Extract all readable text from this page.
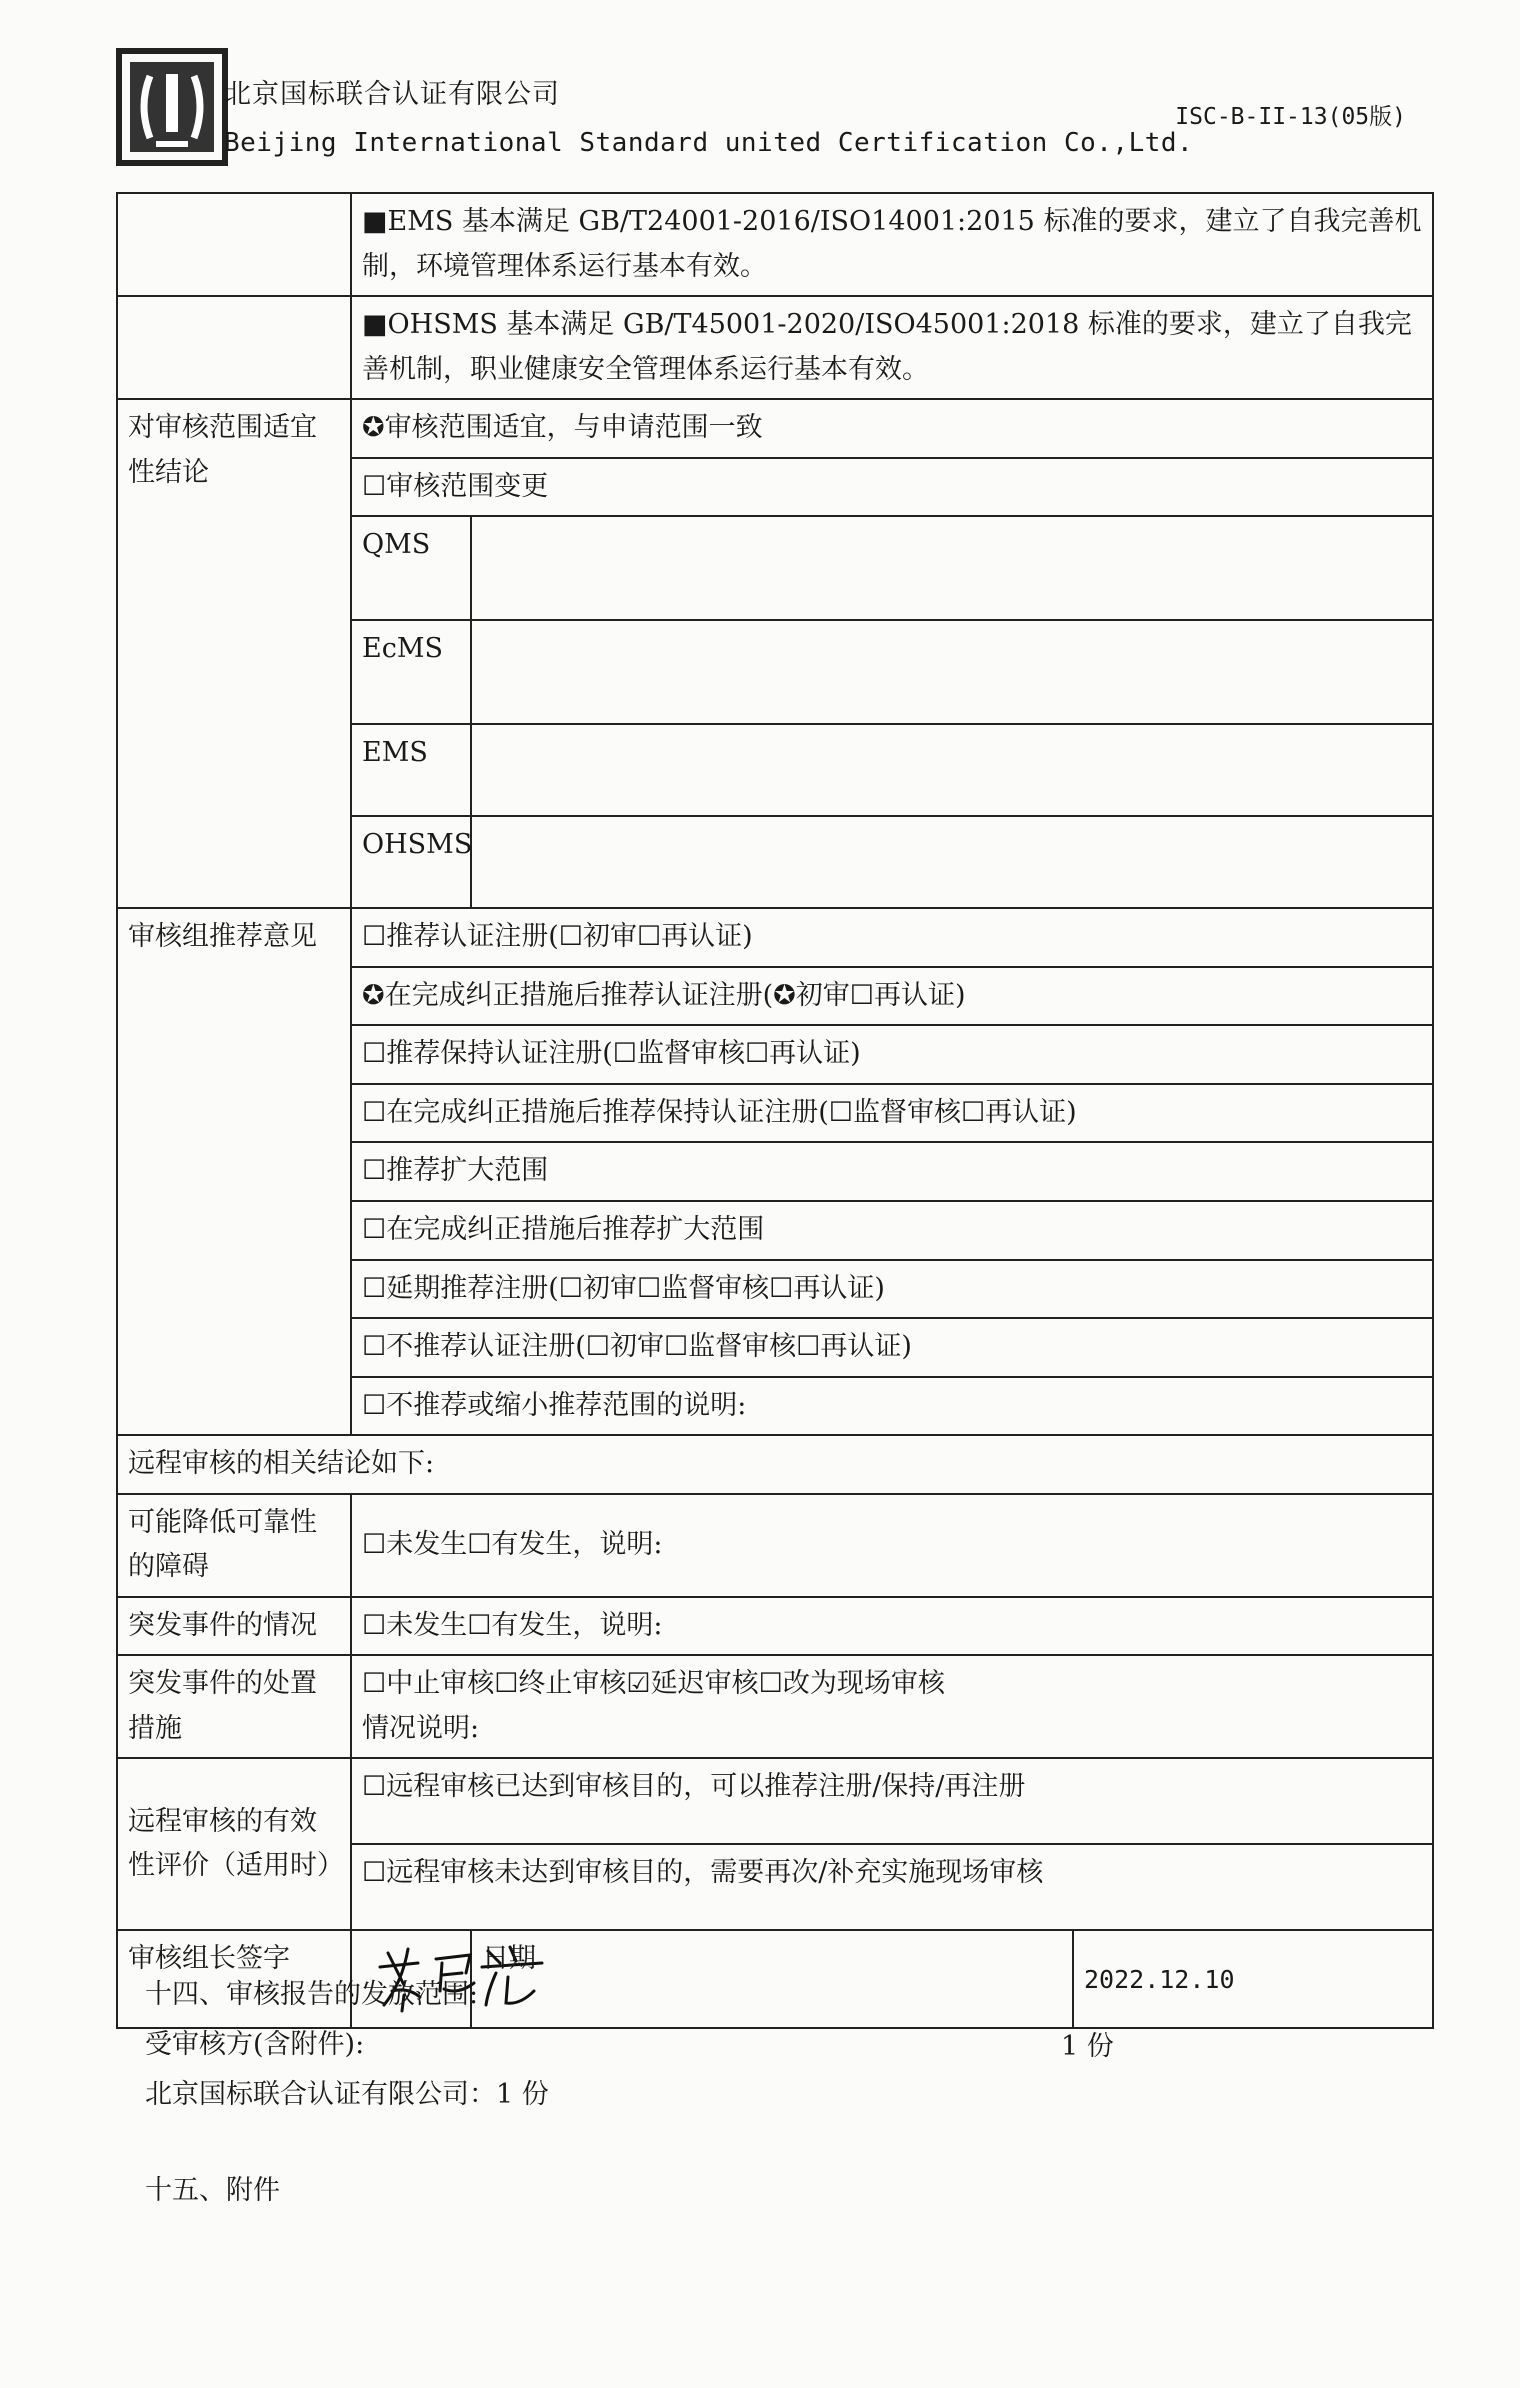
北京国标联合认证有限公司
Beijing International Standard united Certification Co.,Ltd.
ISC-B-II-13(05版)
	■EMS 基本满足 GB/T24001-2016/ISO14001:2015 标准的要求，建立了自我完善机制，环境管理体系运行基本有效。		
	■OHSMS 基本满足 GB/T45001-2020/ISO45001:2018 标准的要求，建立了自我完善机制，职业健康安全管理体系运行基本有效。		
对审核范围适宜性结论	✪审核范围适宜，与申请范围一致		
	☐审核范围变更		
	QMS		
	EcMS		
	EMS		
	OHSMS		
审核组推荐意见	☐推荐认证注册(☐初审☐再认证)		
	✪在完成纠正措施后推荐认证注册(✪初审☐再认证)		
	☐推荐保持认证注册(☐监督审核☐再认证)		
	☐在完成纠正措施后推荐保持认证注册(☐监督审核☐再认证)		
	☐推荐扩大范围		
	☐在完成纠正措施后推荐扩大范围		
	☐延期推荐注册(☐初审☐监督审核☐再认证)		
	☐不推荐认证注册(☐初审☐监督审核☐再认证)		
	☐不推荐或缩小推荐范围的说明:		
远程审核的相关结论如下:			
可能降低可靠性的障碍	☐未发生☐有发生，说明:		
突发事件的情况	☐未发生☐有发生，说明:		
突发事件的处置措施	☐中止审核☐终止审核☑延迟审核☐改为现场审核
情况说明:		

远程审核的有效性评价（适用时）	☐远程审核已达到审核目的，可以推荐注册/保持/再注册		
	☐远程审核未达到审核目的，需要再次/补充实施现场审核		
审核组长签字		日期	2022.12.10
十四、审核报告的发放范围:
受审核方(含附件):	1 份
北京国标联合认证有限公司：1 份
十五、附件
